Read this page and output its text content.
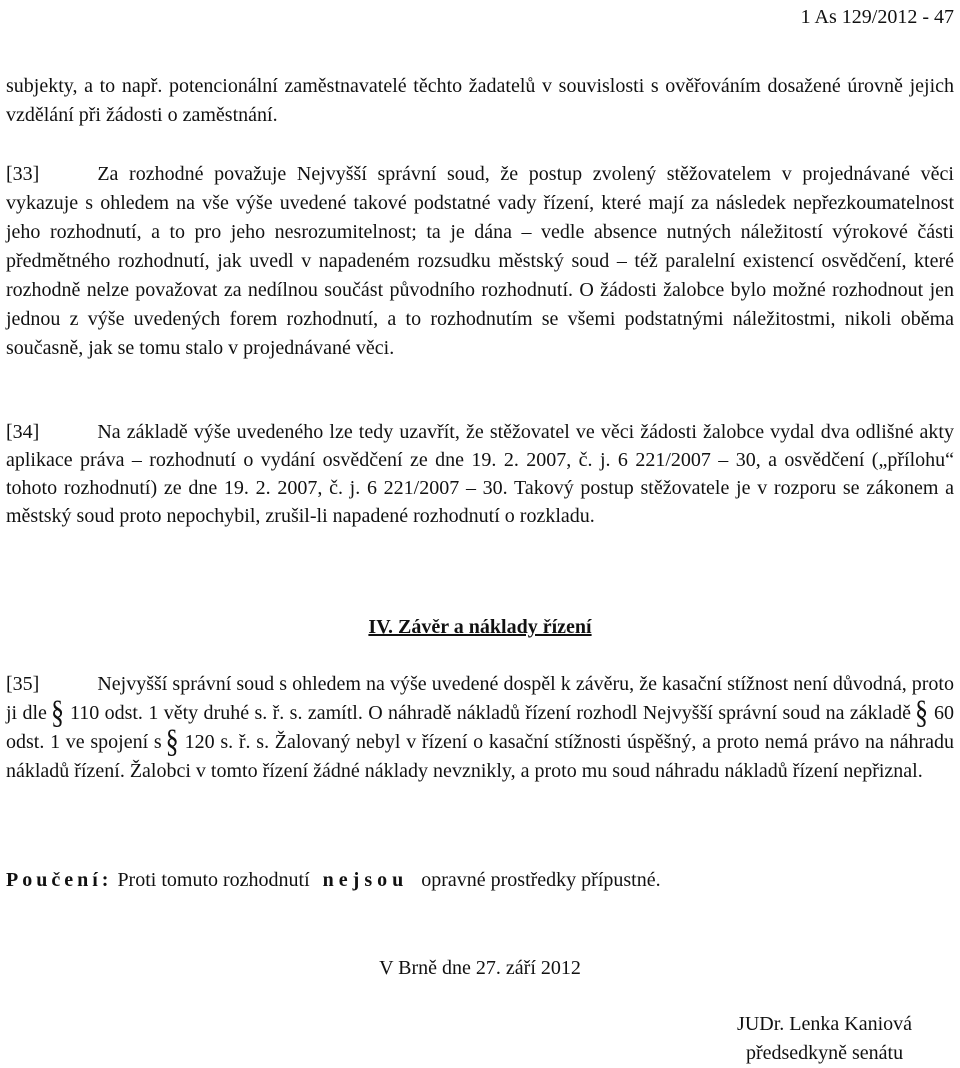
1 As 129/2012 - 47
subjekty, a to např. potencionální zaměstnavatelé těchto žadatelů v souvislosti s ověřováním dosažené úrovně jejich vzdělání při žádosti o zaměstnání.
[33]	Za rozhodné považuje Nejvyšší správní soud, že postup zvolený stěžovatelem v projednávané věci vykazuje s ohledem na vše výše uvedené takové podstatné vady řízení, které mají za následek nepřezkoumatelnost jeho rozhodnutí, a to pro jeho nesrozumitelnost; ta je dána – vedle absence nutných náležitostí výrokové části předmětného rozhodnutí, jak uvedl v napadeném rozsudku městský soud – též paralelní existencí osvědčení, které rozhodně nelze považovat za nedílnou součást původního rozhodnutí. O žádosti žalobce bylo možné rozhodnout jen jednou z výše uvedených forem rozhodnutí, a to rozhodnutím se všemi podstatnými náležitostmi, nikoli oběma současně, jak se tomu stalo v projednávané věci.
[34]	Na základě výše uvedeného lze tedy uzavřít, že stěžovatel ve věci žádosti žalobce vydal dva odlišné akty aplikace práva – rozhodnutí o vydání osvědčení ze dne 19. 2. 2007, č. j. 6 221/2007 – 30, a osvědčení („přílohu“ tohoto rozhodnutí) ze dne 19. 2. 2007, č. j. 6 221/2007 – 30. Takový postup stěžovatele je v rozporu se zákonem a městský soud proto nepochybil, zrušil-li napadené rozhodnutí o rozkladu.
IV. Závěr a náklady řízení
[35]	Nejvyšší správní soud s ohledem na výše uvedené dospěl k závěru, že kasační stížnost není důvodná, proto ji dle § 110 odst. 1 věty druhé s. ř. s. zamítl. O náhradě nákladů řízení rozhodl Nejvyšší správní soud na základě § 60 odst. 1 ve spojení s § 120 s. ř. s. Žalovaný nebyl v řízení o kasační stížnosti úspěšný, a proto nemá právo na náhradu nákladů řízení. Žalobci v tomto řízení žádné náklady nevznikly, a proto mu soud náhradu nákladů řízení nepřiznal.
Poučení: Proti tomuto rozhodnutí nejsou opravné prostředky přípustné.
V Brně dne 27. září 2012
JUDr. Lenka Kaniová
předsedkyně senátu
